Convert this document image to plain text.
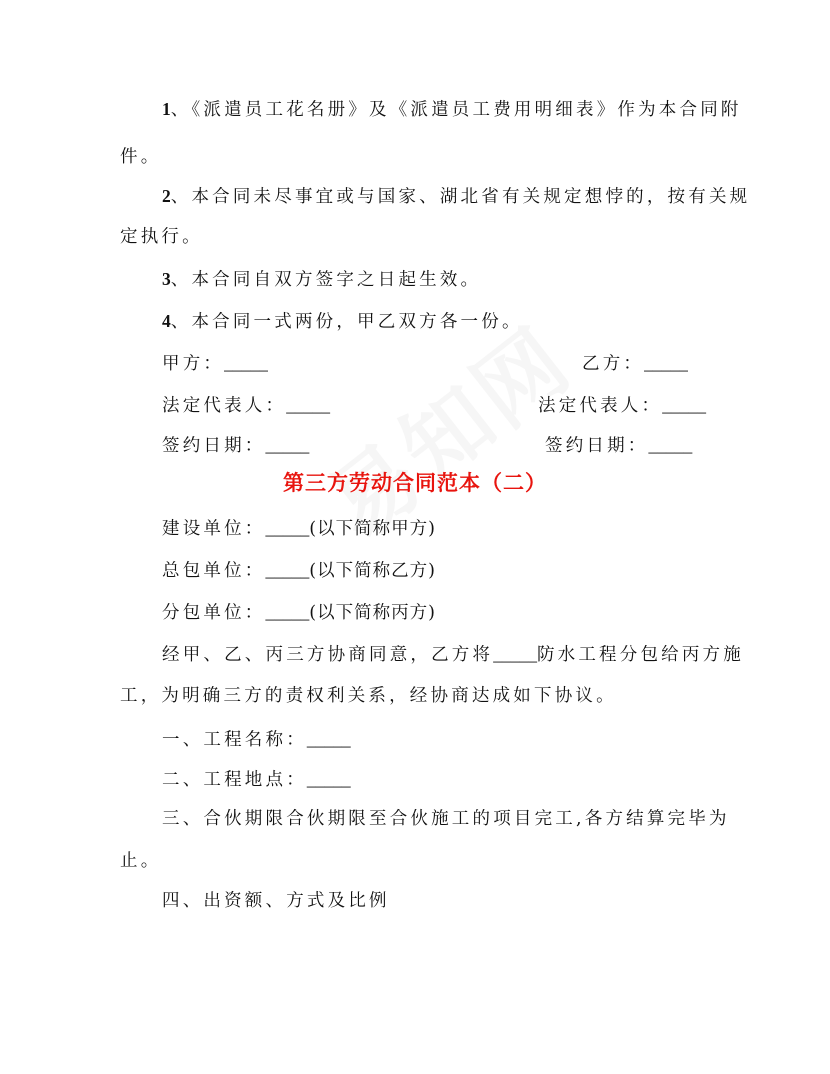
1、《派遣员工花名册》及《派遣员工费用明细表》作为本合同附
件。
2、本合同未尽事宜或与国家、湖北省有关规定想悖的，按有关规
定执行。
3、本合同自双方签字之日起生效。
4、本合同一式两份，甲乙双方各一份。
甲方：_____	乙方：_____
法定代表人：_____	法定代表人：_____
签约日期：_____	签约日期：_____
第三方劳动合同范本（二）
建设单位：_____(以下简称甲方)
总包单位：_____(以下简称乙方)
分包单位：_____(以下简称丙方)
经甲、乙、丙三方协商同意，乙方将_____防水工程分包给丙方施
工，为明确三方的责权利关系，经协商达成如下协议。
一、工程名称：_____
二、工程地点：_____
三、合伙期限合伙期限至合伙施工的项目完工,各方结算完毕为
止。
四、出资额、方式及比例
